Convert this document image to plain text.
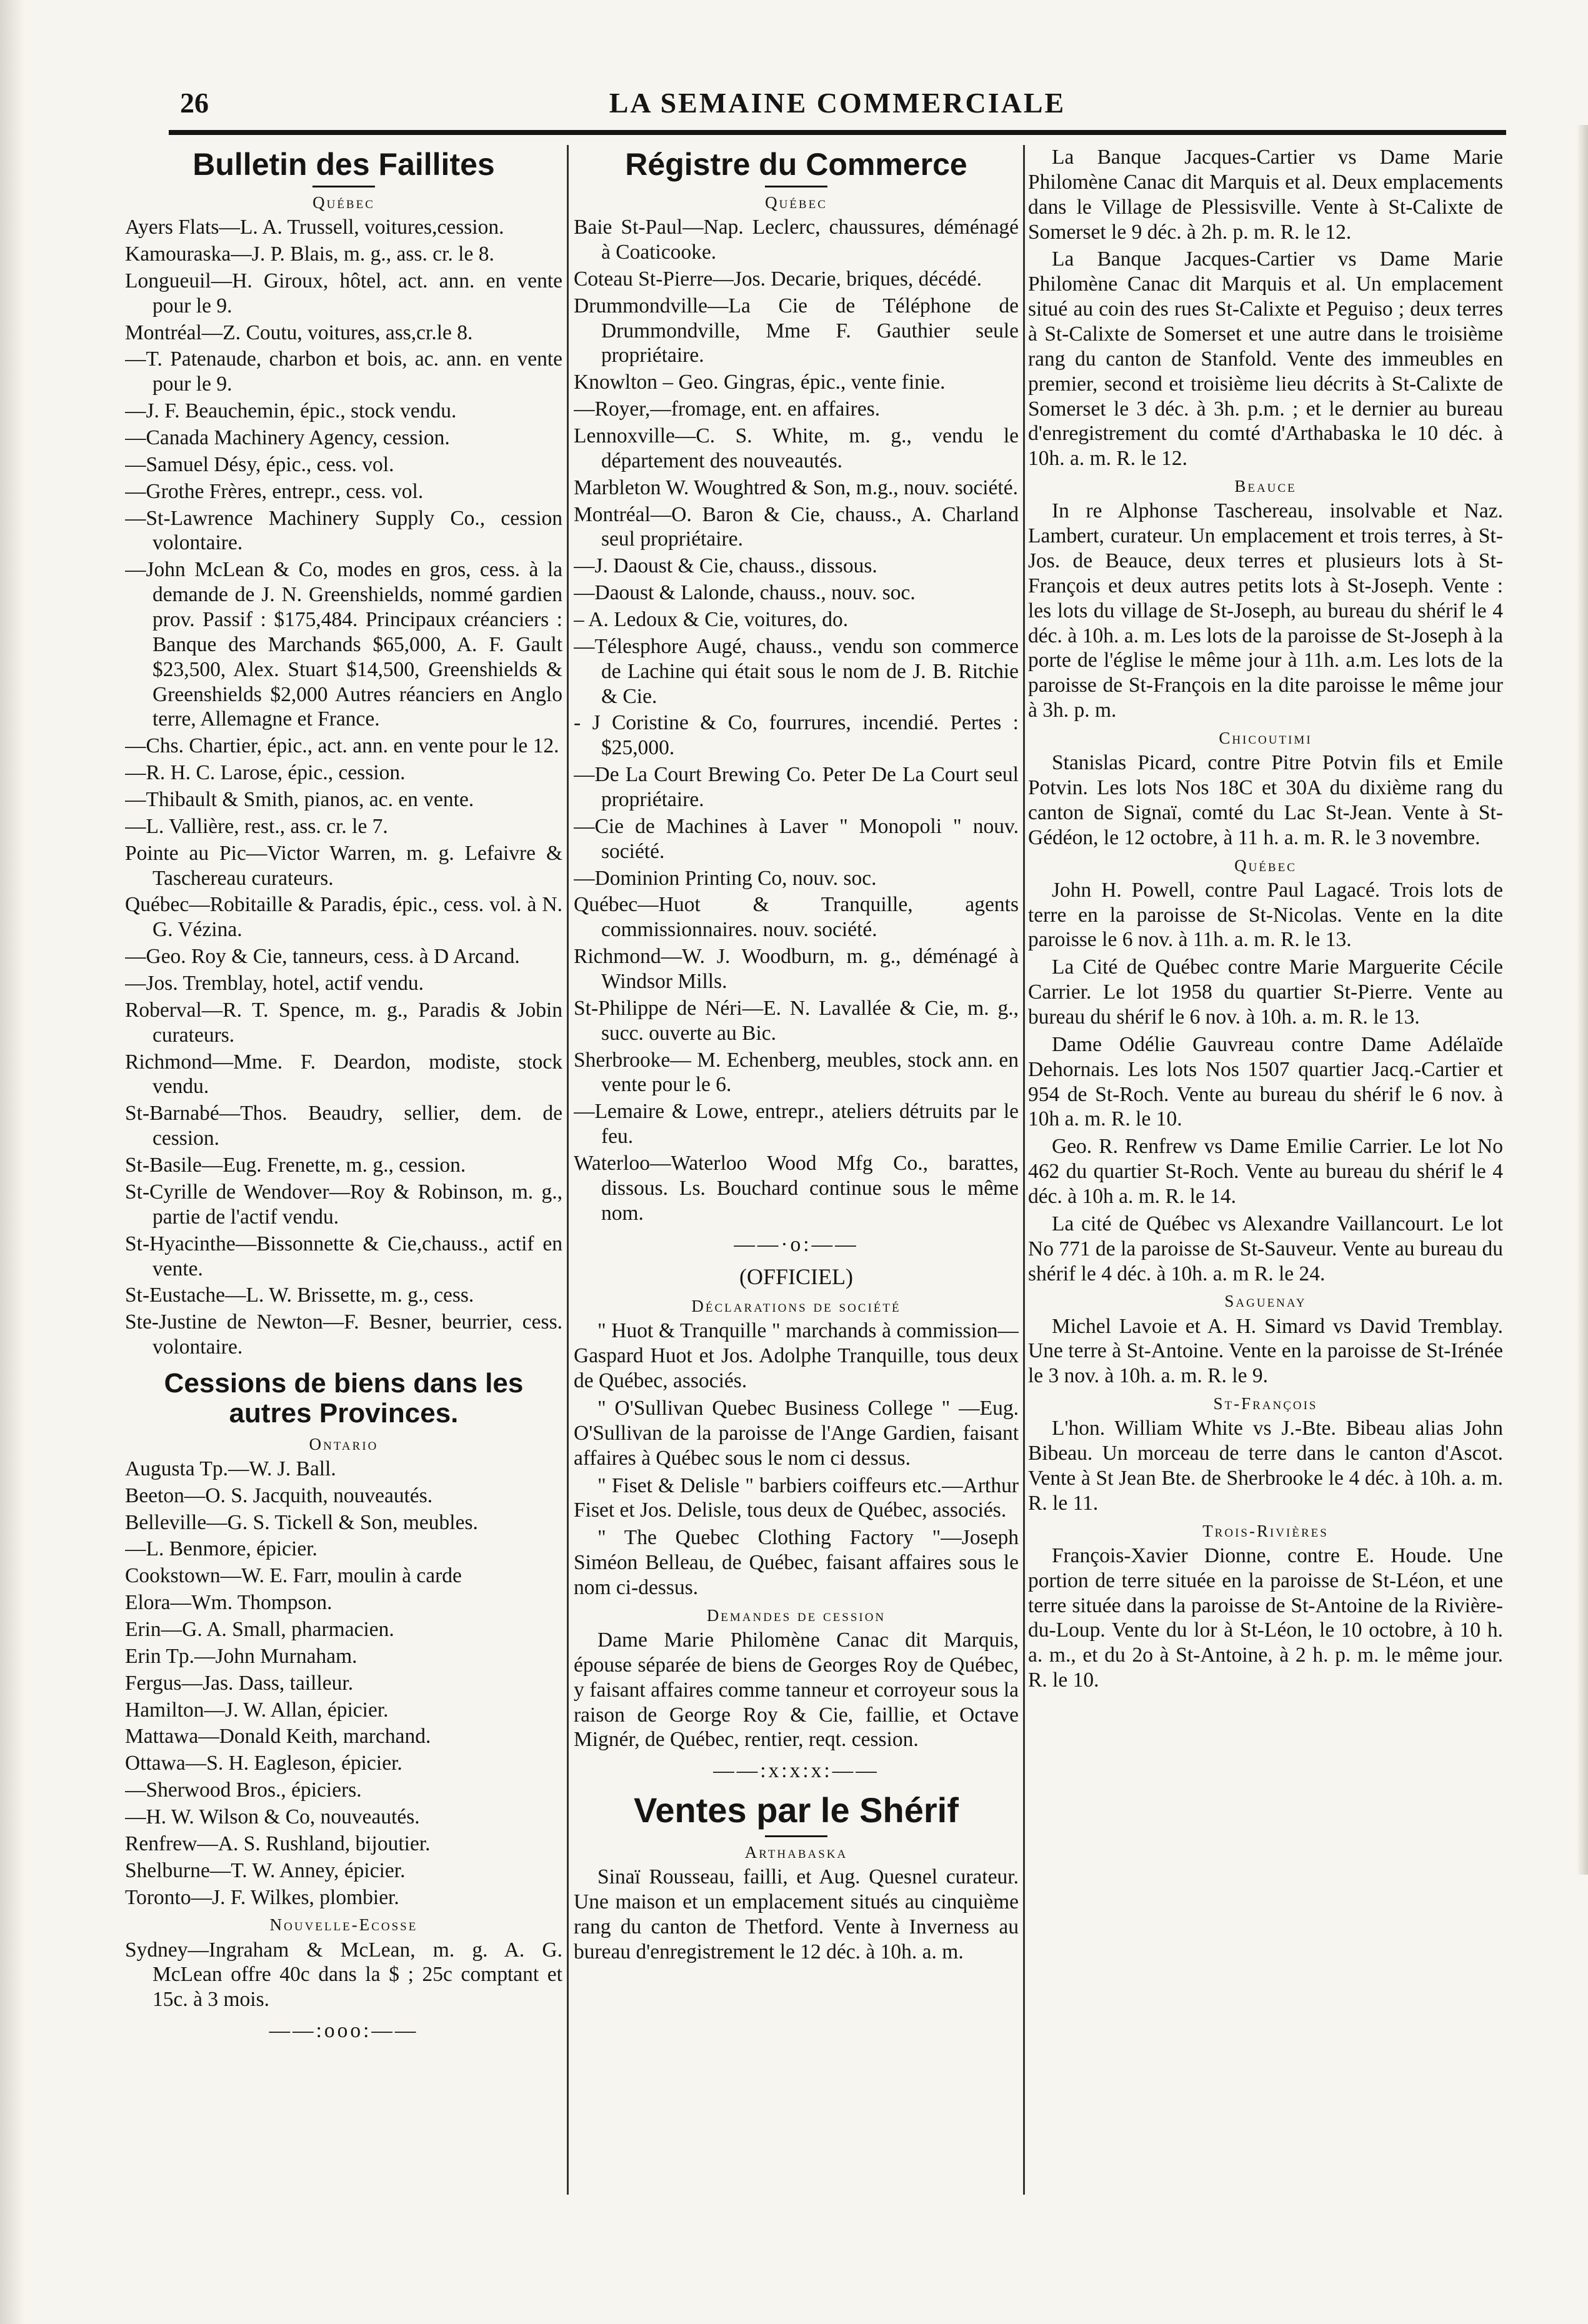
26	LA SEMAINE COMMERCIALE
Bulletin des Faillites
Québec

Ayers Flats—L. A. Trussell, voitures,cession.

Kamouraska—J. P. Blais, m. g., ass. cr. le 8.

Longueuil—H. Giroux, hôtel, act. ann. en vente pour le 9.

Montréal—Z. Coutu, voitures, ass,cr.le 8.

—T. Patenaude, charbon et bois, ac. ann. en vente pour le 9.

—J. F. Beauchemin, épic., stock vendu.

—Canada Machinery Agency, cession.

—Samuel Désy, épic., cess. vol.

—Grothe Frères, entrepr., cess. vol.

—St-Lawrence Machinery Supply Co., cession volontaire.

—John McLean & Co, modes en gros, cess. à la demande de J. N. Greenshields, nommé gardien prov. Passif : $175,484. Principaux créanciers : Banque des Marchands $65,000, A. F. Gault $23,500, Alex. Stuart $14,500, Greenshields & Greenshields $2,000 Autres réanciers en Anglo terre, Allemagne et France.

—Chs. Chartier, épic., act. ann. en vente pour le 12.

—R. H. C. Larose, épic., cession.

—Thibault & Smith, pianos, ac. en vente.

—L. Vallière, rest., ass. cr. le 7.

Pointe au Pic—Victor Warren, m. g. Lefaivre & Taschereau curateurs.

Québec—Robitaille & Paradis, épic., cess. vol. à N. G. Vézina.

—Geo. Roy & Cie, tanneurs, cess. à D Arcand.

—Jos. Tremblay, hotel, actif vendu.

Roberval—R. T. Spence, m. g., Paradis & Jobin curateurs.

Richmond—Mme. F. Deardon, modiste, stock vendu.

St-Barnabé—Thos. Beaudry, sellier, dem. de cession.

St-Basile—Eug. Frenette, m. g., cession.

St-Cyrille de Wendover—Roy & Robinson, m. g., partie de l'actif vendu.

St-Hyacinthe—Bissonnette & Cie,chauss., actif en vente.

St-Eustache—L. W. Brissette, m. g., cess.

Ste-Justine de Newton—F. Besner, beurrier, cess. volontaire.

Cessions de biens dans les autres Provinces.
Ontario

Augusta Tp.—W. J. Ball.

Beeton—O. S. Jacquith, nouveautés.

Belleville—G. S. Tickell & Son, meubles.

—L. Benmore, épicier.

Cookstown—W. E. Farr, moulin à carde

Elora—Wm. Thompson.

Erin—G. A. Small, pharmacien.

Erin Tp.—John Murnaham.

Fergus—Jas. Dass, tailleur.

Hamilton—J. W. Allan, épicier.

Mattawa—Donald Keith, marchand.

Ottawa—S. H. Eagleson, épicier.

—Sherwood Bros., épiciers.

—H. W. Wilson & Co, nouveautés.

Renfrew—A. S. Rushland, bijoutier.

Shelburne—T. W. Anney, épicier.

Toronto—J. F. Wilkes, plombier.

Nouvelle-Ecosse

Sydney—Ingraham & McLean, m. g. A. G. McLean offre 40c dans la $ ; 25c comptant et 15c. à 3 mois.

——:ooo:——
Régistre du Commerce
Québec

Baie St-Paul—Nap. Leclerc, chaussures, déménagé à Coaticooke.

Coteau St-Pierre—Jos. Decarie, briques, décédé.

Drummondville—La Cie de Téléphone de Drummondville, Mme F. Gauthier seule propriétaire.

Knowlton – Geo. Gingras, épic., vente finie.

—Royer,—fromage, ent. en affaires.

Lennoxville—C. S. White, m. g., vendu le département des nouveautés.

Marbleton W. Woughtred & Son, m.g., nouv. société.

Montréal—O. Baron & Cie, chauss., A. Charland seul propriétaire.

—J. Daoust & Cie, chauss., dissous.

—Daoust & Lalonde, chauss., nouv. soc.

– A. Ledoux & Cie, voitures, do.

—Télesphore Augé, chauss., vendu son commerce de Lachine qui était sous le nom de J. B. Ritchie & Cie.

- J Coristine & Co, fourrures, incendié. Pertes : $25,000.

—De La Court Brewing Co. Peter De La Court seul propriétaire.

—Cie de Machines à Laver " Monopoli " nouv. société.

—Dominion Printing Co, nouv. soc.

Québec—Huot & Tranquille, agents commissionnaires. nouv. société.

Richmond—W. J. Woodburn, m. g., déménagé à Windsor Mills.

St-Philippe de Néri—E. N. Lavallée & Cie, m. g., succ. ouverte au Bic.

Sherbrooke— M. Echenberg, meubles, stock ann. en vente pour le 6.

—Lemaire & Lowe, entrepr., ateliers détruits par le feu.

Waterloo—Waterloo Wood Mfg Co., barattes, dissous. Ls. Bouchard continue sous le même nom.

——·o:——
(OFFICIEL)
Déclarations de société

" Huot & Tranquille " marchands à commission—Gaspard Huot et Jos. Adolphe Tranquille, tous deux de Québec, associés.

" O'Sullivan Quebec Business College " —Eug. O'Sullivan de la paroisse de l'Ange Gardien, faisant affaires à Québec sous le nom ci dessus.

" Fiset & Delisle " barbiers coiffeurs etc.—Arthur Fiset et Jos. Delisle, tous deux de Québec, associés.

" The Quebec Clothing Factory "—Joseph Siméon Belleau, de Québec, faisant affaires sous le nom ci-dessus.

Demandes de cession

Dame Marie Philomène Canac dit Marquis, épouse séparée de biens de Georges Roy de Québec, y faisant affaires comme tanneur et corroyeur sous la raison de George Roy & Cie, faillie, et Octave Mignér, de Québec, rentier, reqt. cession.

——:x:x:x:——
Ventes par le Shérif
Arthabaska

Sinaï Rousseau, failli, et Aug. Quesnel curateur. Une maison et un emplacement situés au cinquième rang du canton de Thetford. Vente à Inverness au bureau d'enregistrement le 12 déc. à 10h. a. m.

La Banque Jacques-Cartier vs Dame Marie Philomène Canac dit Marquis et al. Deux emplacements dans le Village de Plessisville. Vente à St-Calixte de Somerset le 9 déc. à 2h. p. m. R. le 12.

La Banque Jacques-Cartier vs Dame Marie Philomène Canac dit Marquis et al. Un emplacement situé au coin des rues St-Calixte et Peguiso ; deux terres à St-Calixte de Somerset et une autre dans le troisième rang du canton de Stanfold. Vente des immeubles en premier, second et troisième lieu décrits à St-Calixte de Somerset le 3 déc. à 3h. p.m. ; et le dernier au bureau d'enregistrement du comté d'Arthabaska le 10 déc. à 10h. a. m. R. le 12.

Beauce

In re Alphonse Taschereau, insolvable et Naz. Lambert, curateur. Un emplacement et trois terres, à St-Jos. de Beauce, deux terres et plusieurs lots à St-François et deux autres petits lots à St-Joseph. Vente : les lots du village de St-Joseph, au bureau du shérif le 4 déc. à 10h. a. m. Les lots de la paroisse de St-Joseph à la porte de l'église le même jour à 11h. a.m. Les lots de la paroisse de St-François en la dite paroisse le même jour à 3h. p. m.

Chicoutimi

Stanislas Picard, contre Pitre Potvin fils et Emile Potvin. Les lots Nos 18C et 30A du dixième rang du canton de Signaï, comté du Lac St-Jean. Vente à St-Gédéon, le 12 octobre, à 11 h. a. m. R. le 3 novembre.

Québec

John H. Powell, contre Paul Lagacé. Trois lots de terre en la paroisse de St-Nicolas. Vente en la dite paroisse le 6 nov. à 11h. a. m. R. le 13.

La Cité de Québec contre Marie Marguerite Cécile Carrier. Le lot 1958 du quartier St-Pierre. Vente au bureau du shérif le 6 nov. à 10h. a. m. R. le 13.

Dame Odélie Gauvreau contre Dame Adélaïde Dehornais. Les lots Nos 1507 quartier Jacq.-Cartier et 954 de St-Roch. Vente au bureau du shérif le 6 nov. à 10h a. m. R. le 10.

Geo. R. Renfrew vs Dame Emilie Carrier. Le lot No 462 du quartier St-Roch. Vente au bureau du shérif le 4 déc. à 10h a. m. R. le 14.

La cité de Québec vs Alexandre Vaillancourt. Le lot No 771 de la paroisse de St-Sauveur. Vente au bureau du shérif le 4 déc. à 10h. a. m R. le 24.

Saguenay

Michel Lavoie et A. H. Simard vs David Tremblay. Une terre à St-Antoine. Vente en la paroisse de St-Irénée le 3 nov. à 10h. a. m. R. le 9.

St-François

L'hon. William White vs J.-Bte. Bibeau alias John Bibeau. Un morceau de terre dans le canton d'Ascot. Vente à St Jean Bte. de Sherbrooke le 4 déc. à 10h. a. m. R. le 11.

Trois-Rivières

François-Xavier Dionne, contre E. Houde. Une portion de terre située en la paroisse de St-Léon, et une terre située dans la paroisse de St-Antoine de la Rivière-du-Loup. Vente du lor à St-Léon, le 10 octobre, à 10 h. a. m., et du 2o à St-Antoine, à 2 h. p. m. le même jour. R. le 10.
